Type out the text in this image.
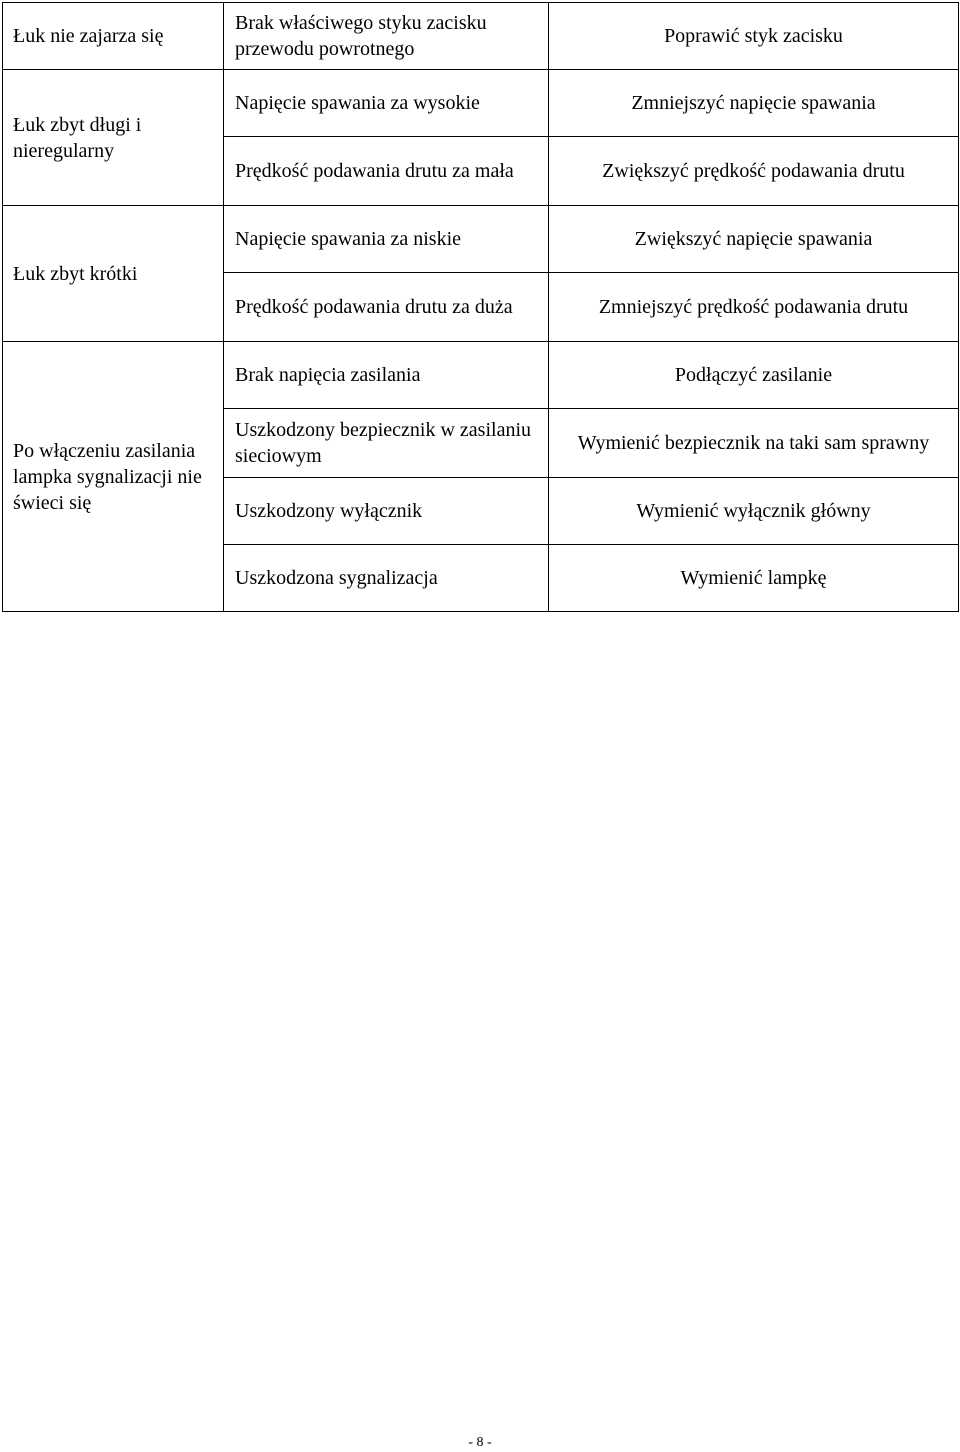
Łuk nie zajarza się	Brak właściwego styku zacisku przewodu powrotnego	Poprawić styk zacisku
Łuk zbyt długi i nieregularny	Napięcie spawania za wysokie	Zmniejszyć napięcie spawania
	Prędkość podawania drutu za mała	Zwiększyć prędkość podawania drutu
Łuk zbyt krótki	Napięcie spawania za niskie	Zwiększyć napięcie spawania
	Prędkość podawania drutu za duża	Zmniejszyć prędkość podawania drutu
Po włączeniu zasilania lampka sygnalizacji nie świeci się	Brak napięcia zasilania	Podłączyć zasilanie
	Uszkodzony bezpiecznik w zasilaniu sieciowym	Wymienić bezpiecznik na taki sam sprawny
	Uszkodzony wyłącznik	Wymienić wyłącznik główny
	Uszkodzona sygnalizacja	Wymienić lampkę
- 8 -
